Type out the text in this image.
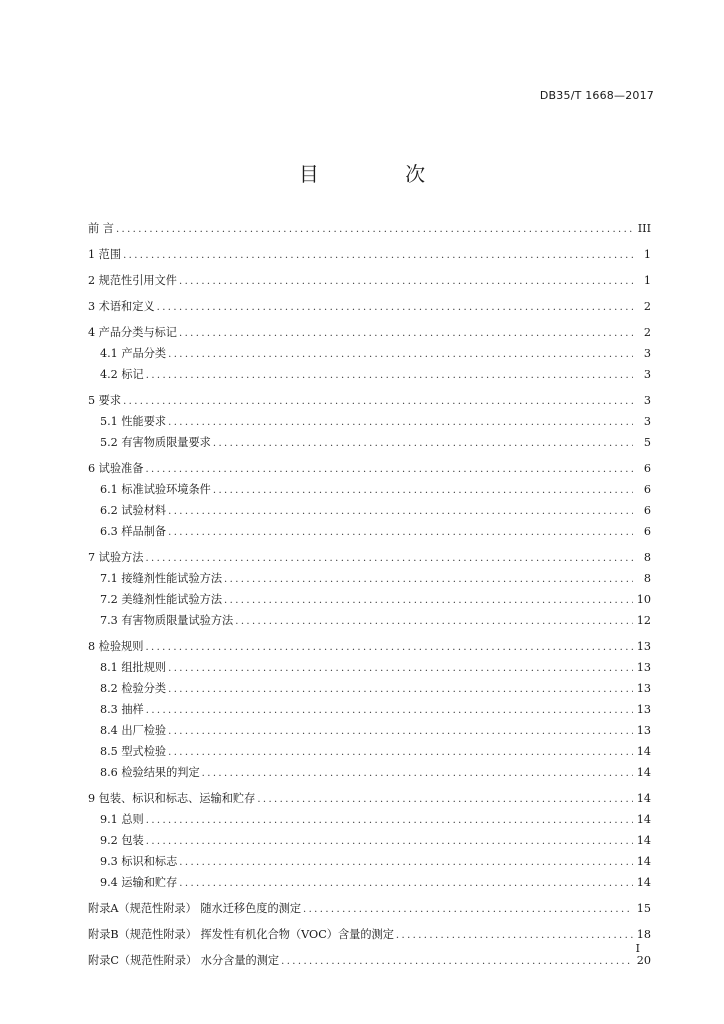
DB35/T 1668—2017
目 次
前 言 .....	III
1 范围 .....	1
2 规范性引用文件 .....	1
3 术语和定义 .....	2
4 产品分类与标记 .....	2
4.1 产品分类 .....	3
4.2 标记 .....	3
5 要求 .....	3
5.1 性能要求 .....	3
5.2 有害物质限量要求 .....	5
6 试验准备 .....	6
6.1 标准试验环境条件 .....	6
6.2 试验材料 .....	6
6.3 样品制备 .....	6
7 试验方法 .....	8
7.1 接缝剂性能试验方法 .....	8
7.2 美缝剂性能试验方法 .....	10
7.3 有害物质限量试验方法 .....	12
8 检验规则 .....	13
8.1 组批规则 .....	13
8.2 检验分类 .....	13
8.3 抽样 .....	13
8.4 出厂检验 .....	13
8.5 型式检验 .....	14
8.6 检验结果的判定 .....	14
9 包装、标识和标志、运输和贮存 .....	14
9.1 总则 .....	14
9.2 包装 .....	14
9.3 标识和标志 .....	14
9.4 运输和贮存 .....	14
附录A（规范性附录） 随水迁移色度的测定 .....	15
附录B（规范性附录） 挥发性有机化合物（VOC）含量的测定 .....	18
附录C（规范性附录） 水分含量的测定 .....	20
I
